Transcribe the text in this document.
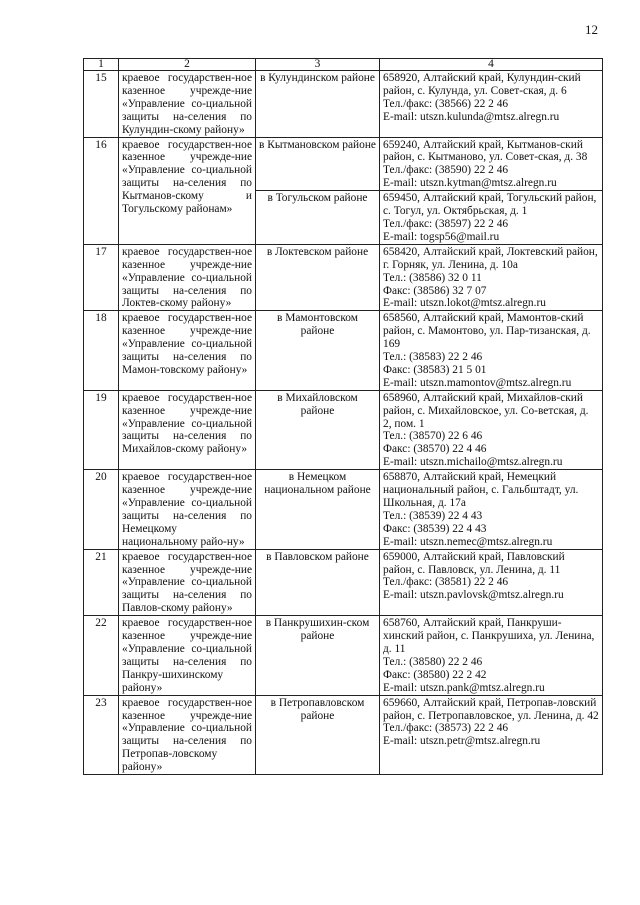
12
1	2	3	4
15	краевое государствен-ное казенное учрежде-ние «Управление со-циальной защиты на-селения по Кулундин-скому району»	в Кулундинском районе	658920, Алтайский край, Кулундин-ский район, с. Кулунда, ул. Совет-ская, д. 6
Тел./факс: (38566) 22 2 46
E-mail: utszn.kulunda@mtsz.alregn.ru

16	краевое государствен-ное казенное учрежде-ние «Управление со-циальной защиты на-селения по Кытманов-скому и Тогульскому районам»	в Кытмановском районе	659240, Алтайский край, Кытманов-ский район, с. Кытманово, ул. Совет-ская, д. 38
Тел./факс: (38590) 22 2 46
E-mail: utszn.kytman@mtsz.alregn.ru

		в Тогульском районе	659450, Алтайский край, Тогульский район, с. Тогул, ул. Октябрьская, д. 1
Тел./факс: (38597) 22 2 46
E-mail: togsp56@mail.ru

17	краевое государствен-ное казенное учрежде-ние «Управление со-циальной защиты на-селения по Локтев-скому району»	в Локтевском районе	658420, Алтайский край, Локтевский район, г. Горняк, ул. Ленина, д. 10а
Тел.: (38586) 32 0 11
Факс: (38586) 32 7 07
E-mail: utszn.lokot@mtsz.alregn.ru

18	краевое государствен-ное казенное учрежде-ние «Управление со-циальной защиты на-селения по Мамон-товскому району»	в Мамонтовском районе	658560, Алтайский край, Мамонтов-ский район, с. Мамонтово, ул. Пар-тизанская, д. 169
Тел.: (38583) 22 2 46
Факс: (38583) 21 5 01
E-mail: utszn.mamontov@mtsz.alregn.ru

19	краевое государствен-ное казенное учрежде-ние «Управление со-циальной защиты на-селения по Михайлов-скому району»	в Михайловском районе	658960, Алтайский край, Михайлов-ский район, с. Михайловское, ул. Со-ветская, д. 2, пом. 1
Тел.: (38570) 22 6 46
Факс: (38570) 22 4 46
E-mail: utszn.michailo@mtsz.alregn.ru

20	краевое государствен-ное казенное учрежде-ние «Управление со-циальной защиты на-селения по Немецкому национальному райо-ну»	в Немецком национальном районе	658870, Алтайский край, Немецкий национальный район, с. Гальбштадт, ул. Школьная, д. 17а
Тел.: (38539) 22 4 43
Факс: (38539) 22 4 43
E-mail: utszn.nemec@mtsz.alregn.ru

21	краевое государствен-ное казенное учрежде-ние «Управление со-циальной защиты на-селения по Павлов-скому району»	в Павловском районе	659000, Алтайский край, Павловский район, с. Павловск, ул. Ленина, д. 11
Тел./факс: (38581) 22 2 46
E-mail: utszn.pavlovsk@mtsz.alregn.ru

22	краевое государствен-ное казенное учрежде-ние «Управление со-циальной защиты на-селения по Панкру-шихинскому району»	в Панкрушихин-ском районе	658760, Алтайский край, Панкруши-хинский район, с. Панкрушиха, ул. Ленина, д. 11
Тел.: (38580) 22 2 46
Факс: (38580) 22 2 42
E-mail: utszn.pank@mtsz.alregn.ru

23	краевое государствен-ное казенное учрежде-ние «Управление со-циальной защиты на-селения по Петропав-ловскому району»	в Петропавловском районе	659660, Алтайский край, Петропав-ловский район, с. Петропавловское, ул. Ленина, д. 42
Тел./факс: (38573) 22 2 46
E-mail: utszn.petr@mtsz.alregn.ru
